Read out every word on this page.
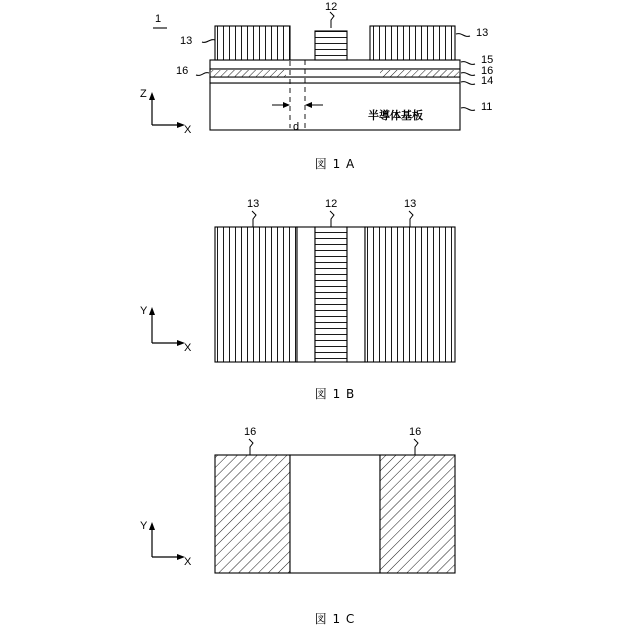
1
12
13
13
15
16	16
14
11
Z
X	d
半導体基板
図 1 A
13	12	13
Y
X
図 1 B
16	16
Y
X
図 1 C
